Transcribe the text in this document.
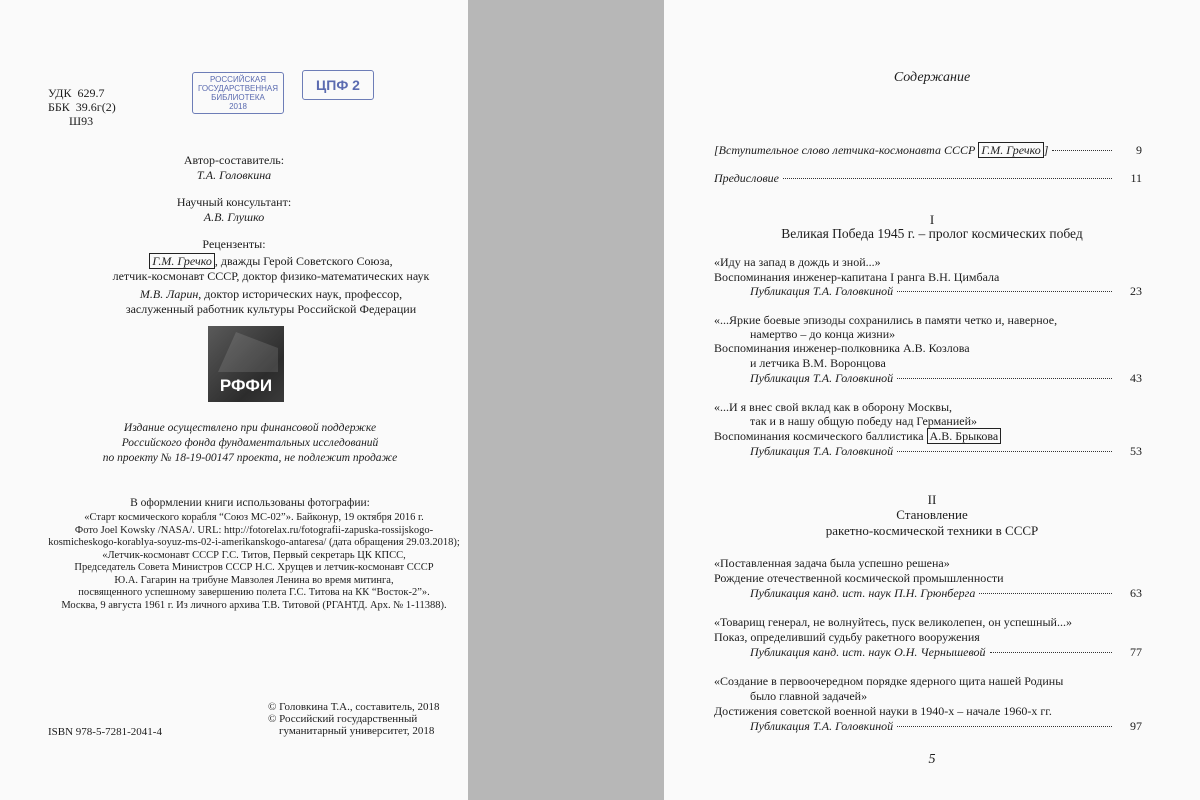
УДК  629.7
ББК  39.6г(2)
Ш93
РОССИЙСКАЯ
ГОСУДАРСТВЕННАЯ
БИБЛИОТЕКА
2018
ЦПФ 2
Автор-составитель:
Т.А. Головкина
Научный консультант:
А.В. Глушко
Рецензенты:
Г.М. Гречко , дважды Герой Советского Союза,
летчик-космонавт СССР, доктор физико-математических наук
М.В. Ларин, доктор исторических наук, профессор,
заслуженный работник культуры Российской Федерации
РФФИ
Издание осуществлено при финансовой поддержке
Российского фонда фундаментальных исследований
по проекту № 18-19-00147 проекта, не подлежит продаже
В оформлении книги использованы фотографии:
«Старт космического корабля “Союз МС-02”». Байконур, 19 октября 2016 г.
Фото Joel Kowsky /NASA/. URL: http://fotorelax.ru/fotografii-zapuska-rossijskogo-
kosmicheskogo-korablya-soyuz-ms-02-i-amerikanskogo-antaresa/ (дата обращения 29.03.2018);
«Летчик-космонавт СССР Г.С. Титов, Первый секретарь ЦК КПСС,
Председатель Совета Министров СССР Н.С. Хрущев и летчик-космонавт СССР
Ю.А. Гагарин на трибуне Мавзолея Ленина во время митинга,
посвященного успешному завершению полета Г.С. Титова на КК “Восток-2”».
Москва, 9 августа 1961 г. Из личного архива Т.В. Титовой (РГАНТД. Арх. № 1-11388).
© Головкина Т.А., составитель, 2018
© Российский государственный
гуманитарный университет, 2018
ISBN 978-5-7281-2041-4
Содержание
[Вступительное слово летчика-космонавта СССР Г.М. Гречко ]	9
Предисловие	11
I
Великая Победа 1945 г. – пролог космических побед
«Иду на запад в дождь и зной...»
Воспоминания инженер-капитана I ранга В.Н. Цимбала
Публикация Т.А. Головкиной	23
«...Яркие боевые эпизоды сохранились в памяти четко и, наверное,
намертво – до конца жизни»
Воспоминания инженер-полковника А.В. Козлова
и летчика В.М. Воронцова
Публикация Т.А. Головкиной	43
«...И я внес свой вклад как в оборону Москвы,
так и в нашу общую победу над Германией»
Воспоминания космического баллистика А.В. Брыкова
Публикация Т.А. Головкиной	53
II
Становление
ракетно-космической техники в СССР
«Поставленная задача была успешно решена»
Рождение отечественной космической промышленности
Публикация канд. ист. наук П.Н. Грюнберга	63
«Товарищ генерал, не волнуйтесь, пуск великолепен, он успешный...»
Показ, определивший судьбу ракетного вооружения
Публикация канд. ист. наук О.Н. Чернышевой	77
«Создание в первоочередном порядке ядерного щита нашей Родины
было главной задачей»
Достижения советской военной науки в 1940-х – начале 1960-х гг.
Публикация Т.А. Головкиной	97
5
